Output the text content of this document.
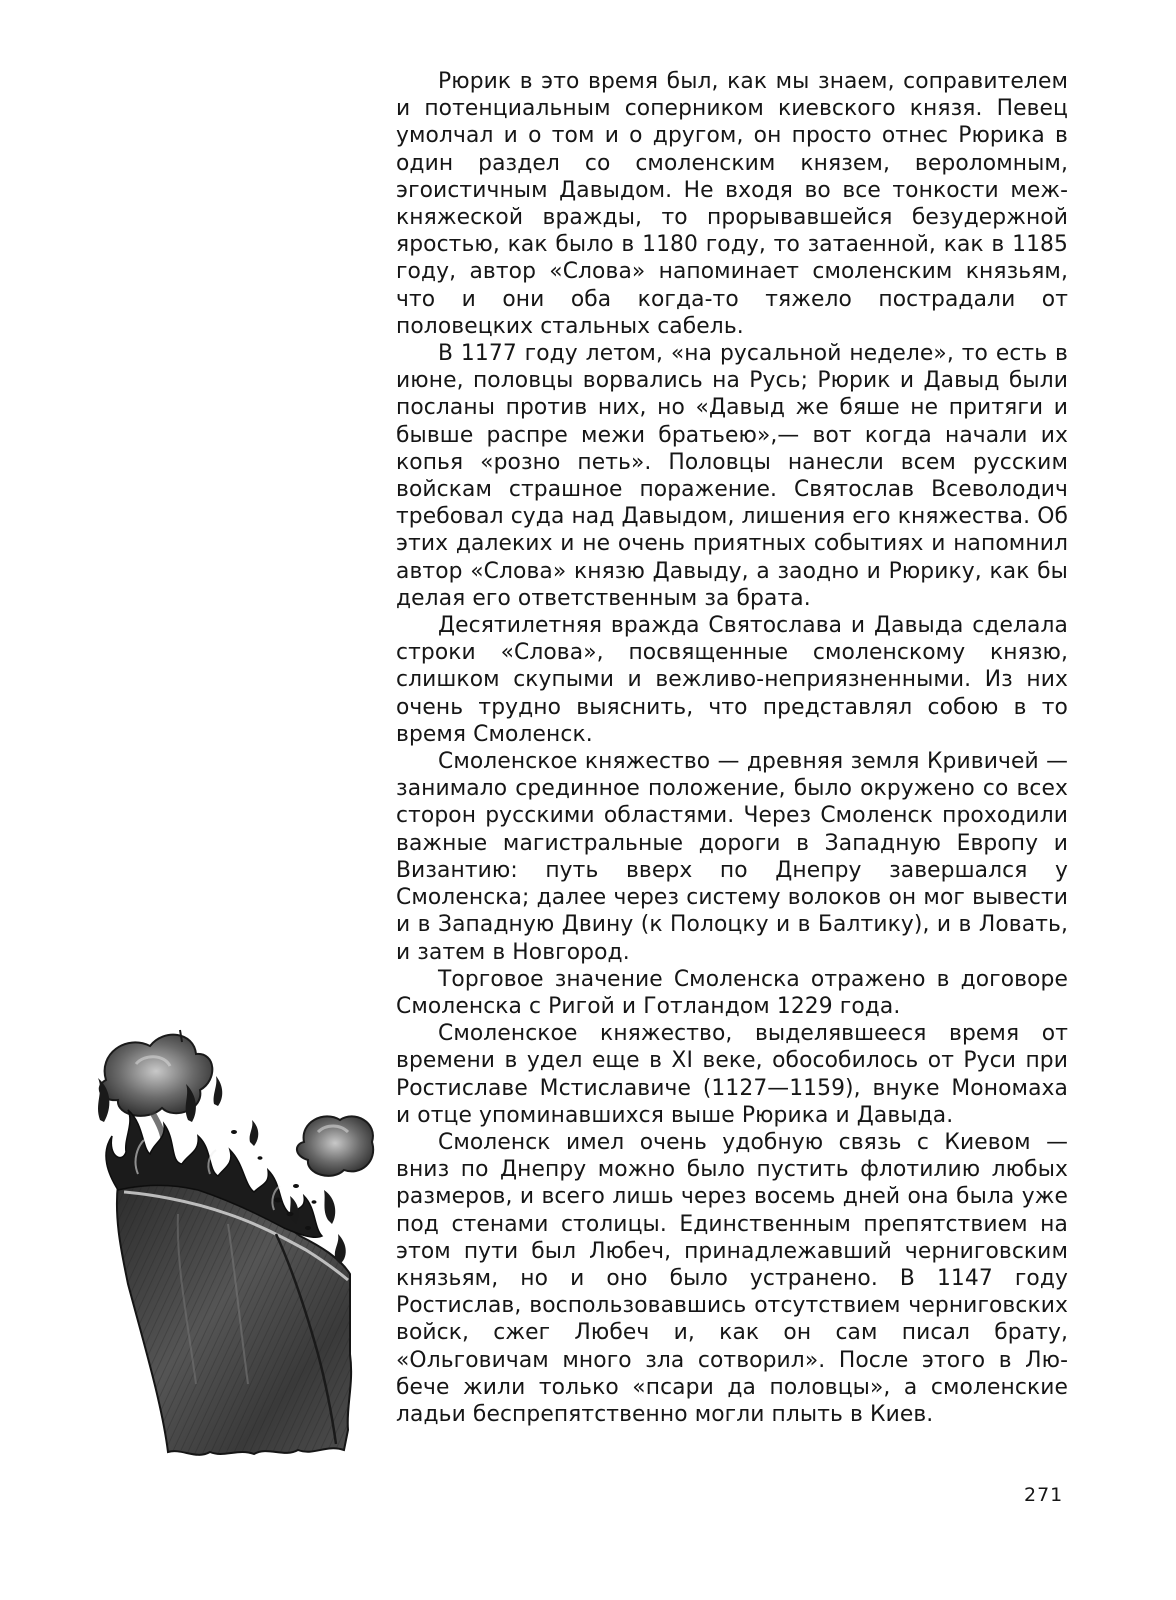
Рюрик в это время был, как мы знаем, соправителем и потенциальным соперником киевского князя. Певец умолчал и о том и о другом, он просто отнес Рюрика в один раздел со смоленским князем, вероломным, эгоистичным Давыдом. Не входя во все тонкости межкняжеской вражды, то прорывавшейся безудержной яростью, как было в 1180 году, то затаенной, как в 1185 году, автор «Слова» напоминает смоленским князьям, что и они оба когда-то тяжело пострадали от половецких стальных сабель.

В 1177 году летом, «на русальной неделе», то есть в июне, половцы ворвались на Русь; Рюрик и Давыд были посланы против них, но «Давыд же бяше не притяги и бывше распре межи братьею»,— вот когда начали их копья «розно петь». Половцы нанесли всем русским войскам страшное поражение. Святослав Всеволодич требовал суда над Давыдом, лишения его княжества. Об этих далеких и не очень приятных событиях и напомнил автор «Слова» князю Давыду, а заодно и Рюрику, как бы делая его ответственным за брата.

Десятилетняя вражда Святослава и Давыда сделала строки «Слова», посвященные смоленскому князю, слишком скупыми и вежливо-неприязненными. Из них очень трудно выяснить, что представлял собою в то время Смоленск.

Смоленское княжество — древняя земля Кривичей — занимало срединное положение, было окружено со всех сторон русскими областями. Через Смоленск проходили важные магистральные дороги в Западную Европу и Византию: путь вверх по Днепру завершался у Смоленска; далее через систему волоков он мог вывести и в Западную Двину (к Полоцку и в Балтику), и в Ловать, и затем в Новгород.

Торговое значение Смоленска отражено в договоре Смоленска с Ригой и Готландом 1229 года.

Смоленское княжество, выделявшееся время от времени в удел еще в XI веке, обособилось от Руси при Ростиславе Мстиславиче (1127—1159), внуке Мономаха и отце упоминавшихся выше Рюрика и Давыда.

Смоленск имел очень удобную связь с Киевом — вниз по Днепру можно было пустить флотилию любых размеров, и всего лишь через восемь дней она была уже под стенами столицы. Единственным препятствием на этом пути был Любеч, принадлежавший черниговским князьям, но и оно было устранено. В 1147 году Ростислав, воспользовавшись отсутствием черниговских войск, сжег Любеч и, как он сам писал брату, «Ольговичам много зла сотворил». После этого в Любече жили только «псари да половцы», а смоленские ладьи беспрепятственно могли плыть в Киев.

271
